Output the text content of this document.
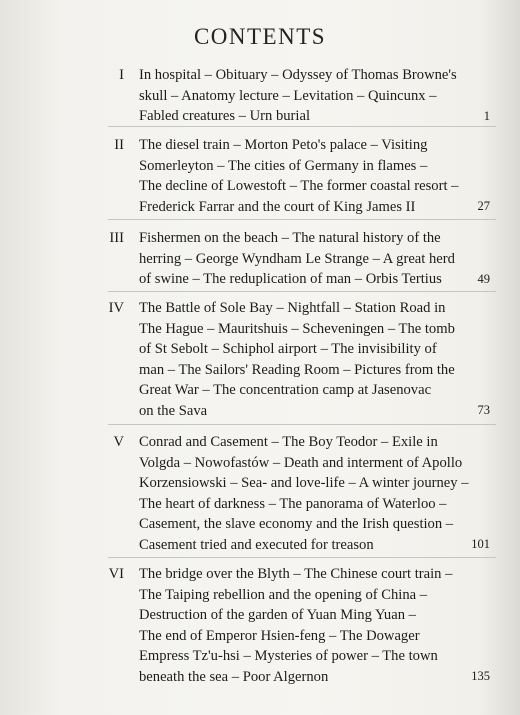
CONTENTS
I In hospital – Obituary – Odyssey of Thomas Browne's
skull – Anatomy lecture – Levitation – Quincunx –
Fabled creatures – Urn burial	1
II The diesel train – Morton Peto's palace – Visiting
Somerleyton – The cities of Germany in flames –
The decline of Lowestoft – The former coastal resort –
Frederick Farrar and the court of King James II	27
III Fishermen on the beach – The natural history of the
herring – George Wyndham Le Strange – A great herd
of swine – The reduplication of man – Orbis Tertius	49
IV The Battle of Sole Bay – Nightfall – Station Road in
The Hague – Mauritshuis – Scheveningen – The tomb
of St Sebolt – Schiphol airport – The invisibility of
man – The Sailors' Reading Room – Pictures from the
Great War – The concentration camp at Jasenovac
on the Sava	73
V Conrad and Casement – The Boy Teodor – Exile in
Volgda – Nowofastów – Death and interment of Apollo
Korzensiowski – Sea- and love-life – A winter journey –
The heart of darkness – The panorama of Waterloo –
Casement, the slave economy and the Irish question –
Casement tried and executed for treason	101
VI The bridge over the Blyth – The Chinese court train –
The Taiping rebellion and the opening of China –
Destruction of the garden of Yuan Ming Yuan –
The end of Emperor Hsien-feng – The Dowager
Empress Tz'u-hsi – Mysteries of power – The town
beneath the sea – Poor Algernon	135
